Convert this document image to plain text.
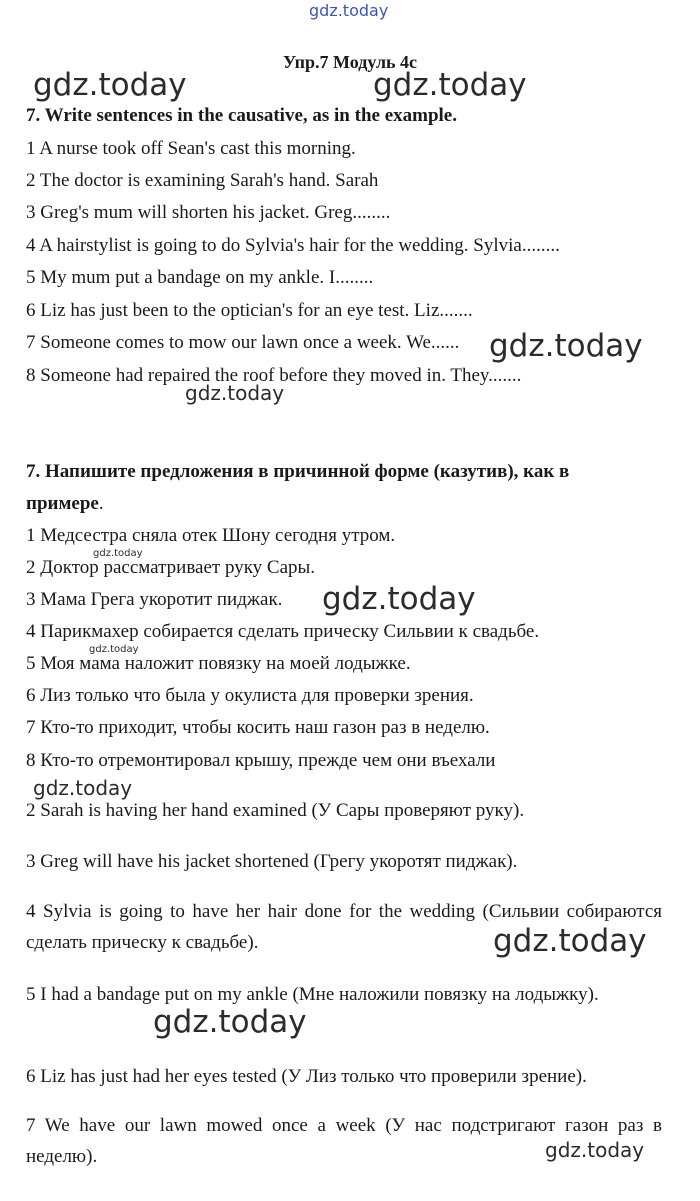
Упр.7 Модуль 4с
7. Write sentences in the causative, as in the example.
1 A nurse took off Sean's cast this morning.
2 The doctor is examining Sarah's hand. Sarah
3 Greg's mum will shorten his jacket. Greg........
4 A hairstylist is going to do Sylvia's hair for the wedding. Sylvia........
5 My mum put a bandage on my ankle. I........
6 Liz has just been to the optician's for an eye test. Liz.......
7 Someone comes to mow our lawn once a week. We......
8 Someone had repaired the roof before they moved in. They.......
7. Напишите предложения в причинной форме (казутив), как в
примере.
1 Медсестра сняла отек Шону сегодня утром.
2 Доктор рассматривает руку Сары.
3 Мама Грега укоротит пиджак.
4 Парикмахер собирается сделать прическу Сильвии к свадьбе.
5 Моя мама наложит повязку на моей лодыжке.
6 Лиз только что была у окулиста для проверки зрения.
7 Кто-то приходит, чтобы косить наш газон раз в неделю.
8 Кто-то отремонтировал крышу, прежде чем они въехали
2 Sarah is having her hand examined (У Сары проверяют руку).
3 Greg will have his jacket shortened (Грегу укоротят пиджак).
4 Sylvia is going to have her hair done for the wedding (Сильвии собираются сделать прическу к свадьбе).
5 I had a bandage put on my ankle (Мне наложили повязку на лодыжку).
6 Liz has just had her eyes tested (У Лиз только что проверили зрение).
7 We have our lawn mowed once a week (У нас подстригают газон раз в неделю).
gdz.today
gdz.today	gdz.today
gdz.today
gdz.today
gdz.today
gdz.today
gdz.today
gdz.today
gdz.today
gdz.today
gdz.today
